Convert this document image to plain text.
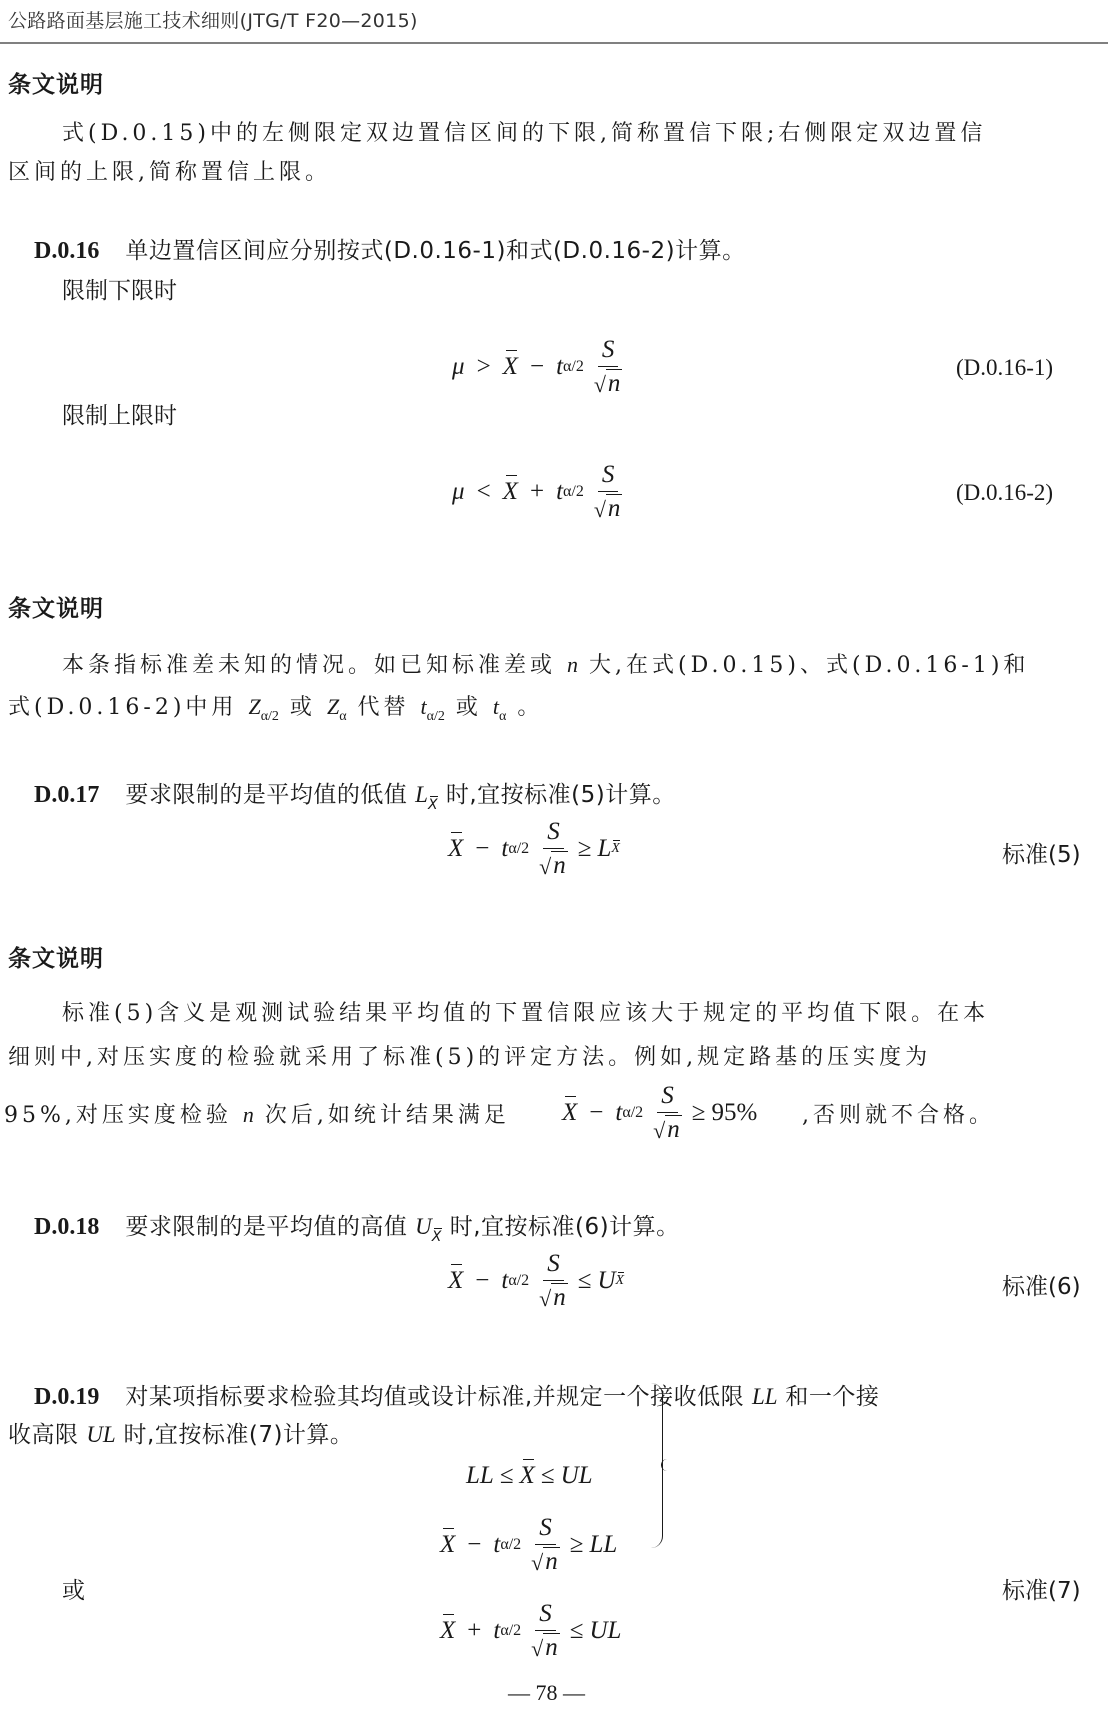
公路路面基层施工技术细则(JTG/T F20—2015)
条文说明
式(D.0.15)中的左侧限定双边置信区间的下限,简称置信下限;右侧限定双边置信
区间的上限,简称置信上限。
D.0.16 单边置信区间应分别按式(D.0.16-1)和式(D.0.16-2)计算。
限制下限时
μ > X − t $\alpha/2 \frac{S}{√ n}$	(D.0.16-1)
限制上限时
μ < X + t $\alpha/2 \frac{S}{√ n}$	(D.0.16-2)
条文说明
本条指标准差未知的情况。如已知标准差或 n 大,在式(D.0.15)、式(D.0.16-1)和
式(D.0.16-2)中用 $Z_{\alpha/2}$ 或 $Z_\alpha$ 代替 $t_{\alpha/2}$ 或 $t_\alpha$ 。
D.0.17 要求限制的是平均值的低值 LX 时,宜按标准(5)计算。
X − t $\alpha/2 \frac{S}{√ n} \ge L$ X	标准(5)
条文说明
标准(5)含义是观测试验结果平均值的下置信限应该大于规定的平均值下限。在本
细则中,对压实度的检验就采用了标准(5)的评定方法。例如,规定路基的压实度为
95%,对压实度检验 n 次后,如统计结果满足 X − t $\alpha/2 \frac{S}{√ n} \ge 95\%$ ,否则就不合格。
D.0.18 要求限制的是平均值的高值 UX 时,宜按标准(6)计算。
X − t $\alpha/2 \frac{S}{√ n} \le U$ X	标准(6)
D.0.19 对某项指标要求检验其均值或设计标准,并规定一个接收低限 LL 和一个接
收高限 UL 时,宜按标准(7)计算。
LL ≤ X ≤ UL
X − t $\alpha/2 \frac{S}{√ n}$ ≥ LL
或
X + t $\alpha/2 \frac{S}{√ n}$ ≤ UL
标准(7)
— 78 —
